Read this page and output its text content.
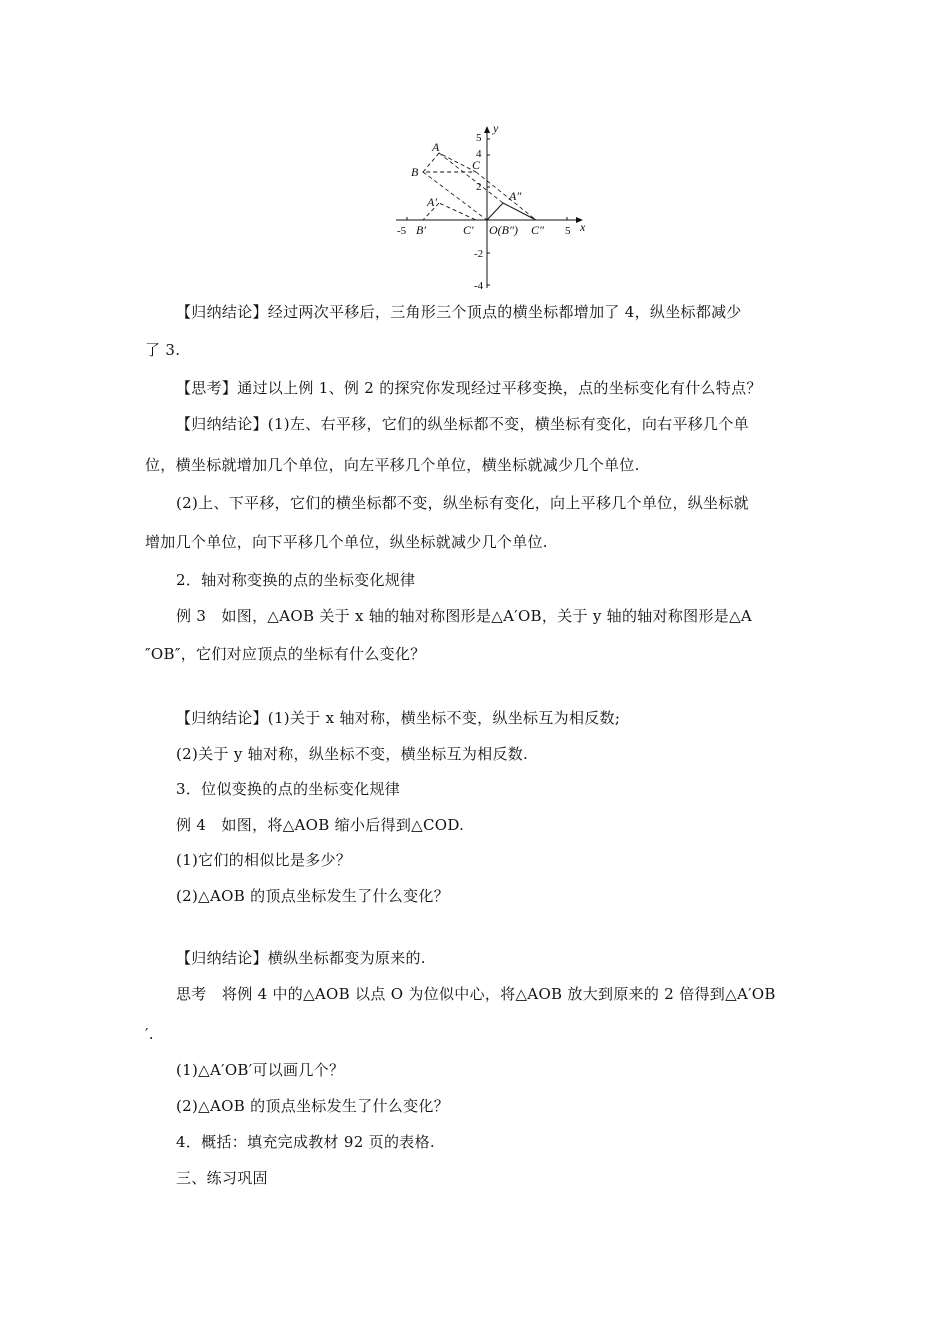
-5	5
5
4
2
-2
-4
x
y
A
B	C
A′
B′	C′
A″
O(B″) C″
【归纳结论】经过两次平移后，三角形三个顶点的横坐标都增加了 4，纵坐标都减少
了 3.
【思考】通过以上例 1、例 2 的探究你发现经过平移变换，点的坐标变化有什么特点？
【归纳结论】(1)左、右平移，它们的纵坐标都不变，横坐标有变化，向右平移几个单
位，横坐标就增加几个单位，向左平移几个单位，横坐标就减少几个单位.
(2)上、下平移，它们的横坐标都不变，纵坐标有变化，向上平移几个单位，纵坐标就
增加几个单位，向下平移几个单位，纵坐标就减少几个单位.
2．轴对称变换的点的坐标变化规律
例 3　如图，△AOB 关于 x 轴的轴对称图形是△A′OB，关于 y 轴的轴对称图形是△A
″OB″，它们对应顶点的坐标有什么变化？
【归纳结论】(1)关于 x 轴对称，横坐标不变，纵坐标互为相反数;
(2)关于 y 轴对称，纵坐标不变，横坐标互为相反数.
3．位似变换的点的坐标变化规律
例 4　如图，将△AOB 缩小后得到△COD.
(1)它们的相似比是多少？
(2)△AOB 的顶点坐标发生了什么变化？
【归纳结论】横纵坐标都变为原来的.
思考　将例 4 中的△AOB 以点 O 为位似中心，将△AOB 放大到原来的 2 倍得到△A′OB
′.
(1)△A′OB′可以画几个？
(2)△AOB 的顶点坐标发生了什么变化？
4．概括：填充完成教材 92 页的表格.
三、练习巩固
